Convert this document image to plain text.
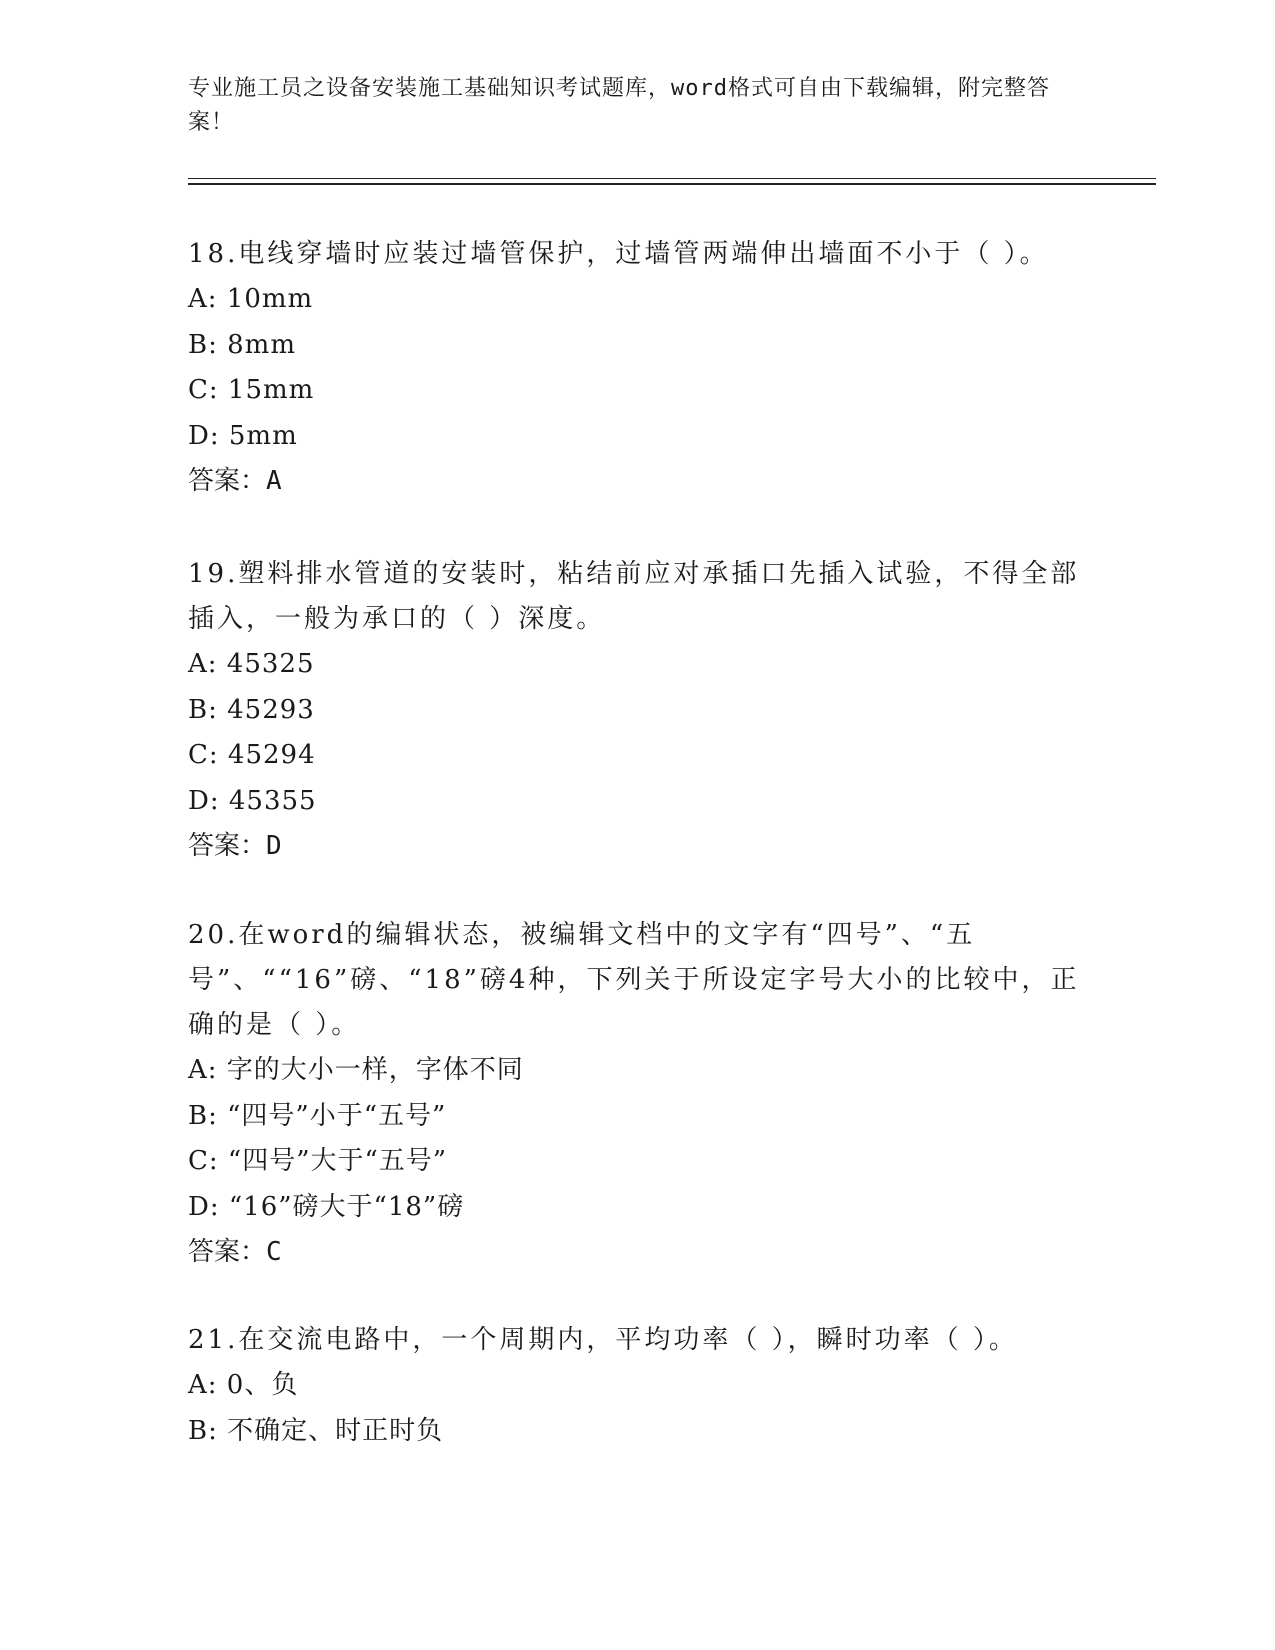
专业施工员之设备安装施工基础知识考试题库，word格式可自由下载编辑，附完整答案！

18.电线穿墙时应装过墙管保护，过墙管两端伸出墙面不小于（ ）。

A: 10mm

B: 8mm

C: 15mm

D: 5mm

答案：A

19.塑料排水管道的安装时，粘结前应对承插口先插入试验，不得全部插入，一般为承口的（ ）深度。

A: 45325

B: 45293

C: 45294

D: 45355

答案：D

20.在word的编辑状态，被编辑文档中的文字有“四号”、“五号”、““16”磅、“18”磅4种，下列关于所设定字号大小的比较中，正确的是（ ）。

A: 字的大小一样，字体不同

B: “四号”小于“五号”

C: “四号”大于“五号”

D: “16”磅大于“18”磅

答案：C

21.在交流电路中，一个周期内，平均功率（ ），瞬时功率（ ）。

A: 0、负

B: 不确定、时正时负
